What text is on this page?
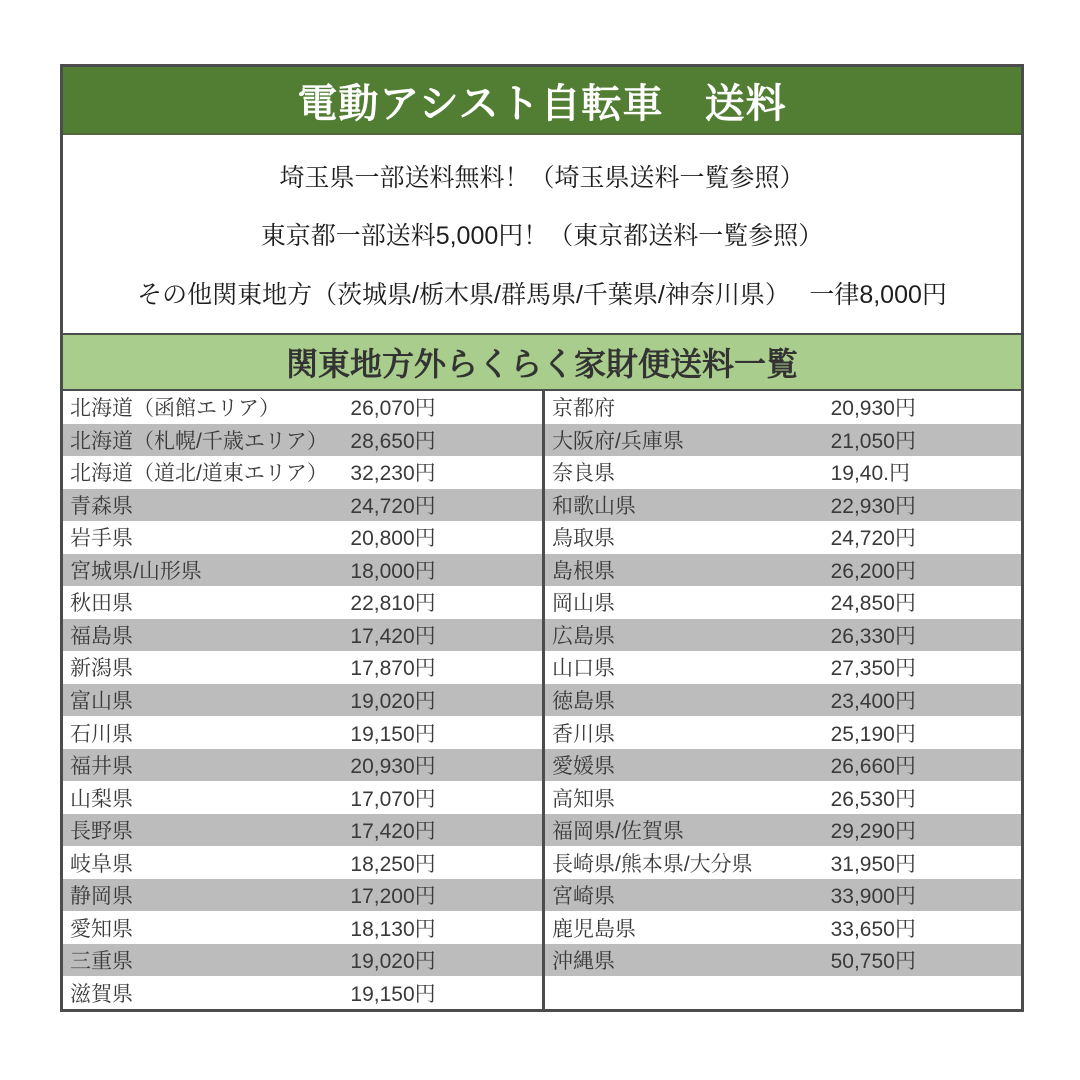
電動アシスト自転車　送料

埼玉県一部送料無料！（埼玉県送料一覧参照）

東京都一部送料5,000円！（東京都送料一覧参照）

その他関東地方（茨城県/栃木県/群馬県/千葉県/神奈川県）　 一律8,000円

関東地方外らくらく家財便送料一覧
北海道（函館エリア）	26,070円
北海道（札幌/千歳エリア）	28,650円
北海道（道北/道東エリア）	32,230円
青森県	24,720円
岩手県	20,800円
宮城県/山形県	18,000円
秋田県	22,810円
福島県	17,420円
新潟県	17,870円
富山県	19,020円
石川県	19,150円
福井県	20,930円
山梨県	17,070円
長野県	17,420円
岐阜県	18,250円
静岡県	17,200円
愛知県	18,130円
三重県	19,020円
滋賀県	19,150円
京都府	20,930円
大阪府/兵庫県	21,050円
奈良県	19,40.円
和歌山県	22,930円
鳥取県	24,720円
島根県	26,200円
岡山県	24,850円
広島県	26,330円
山口県	27,350円
徳島県	23,400円
香川県	25,190円
愛媛県	26,660円
高知県	26,530円
福岡県/佐賀県	29,290円
長崎県/熊本県/大分県	31,950円
宮崎県	33,900円
鹿児島県	33,650円
沖縄県	50,750円
